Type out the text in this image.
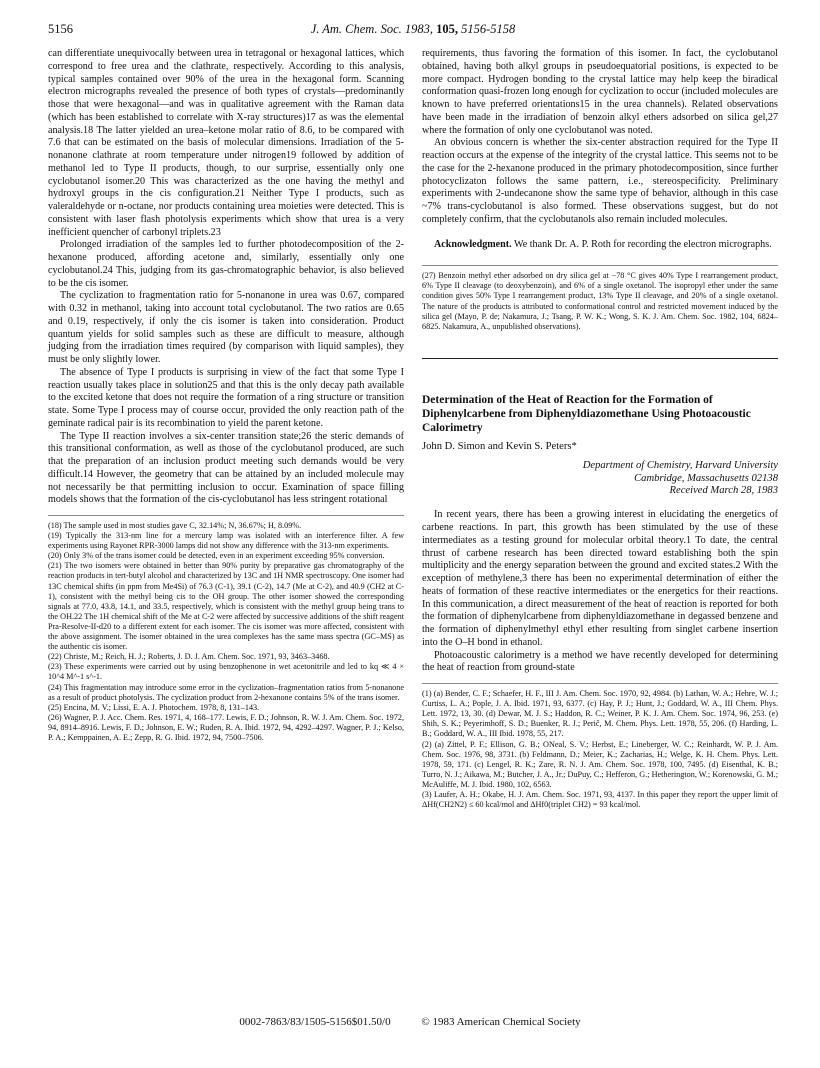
5156	J. Am. Chem. Soc. 1983, 105, 5156-5158

can differentiate unequivocally between urea in tetragonal or hexagonal lattices, which correspond to free urea and the clathrate, respectively. According to this analysis, typical samples contained over 90% of the urea in the hexagonal form. Scanning electron micrographs revealed the presence of both types of crystals—predominantly those that were hexagonal—and was in qualitative agreement with the Raman data (which has been established to correlate with X-ray structures)17 as was the elemental analysis.18 The latter yielded an urea–ketone molar ratio of 8.6, to be compared with 7.6 that can be estimated on the basis of molecular dimensions. Irradiation of the 5-nonanone clathrate at room temperature under nitrogen19 followed by addition of methanol led to Type II products, though, to our surprise, essentially only one cyclobutanol isomer.20 This was characterized as the one having the methyl and hydroxyl groups in the cis configuration.21 Neither Type I products, such as valeraldehyde or n-octane, nor products containing urea moieties were detected. This is consistent with laser flash photolysis experiments which show that urea is a very inefficient quencher of carbonyl triplets.23

Prolonged irradiation of the samples led to further photodecomposition of the 2-hexanone produced, affording acetone and, similarly, essentially only one cyclobutanol.24 This, judging from its gas-chromatographic behavior, is also believed to be the cis isomer.

The cyclization to fragmentation ratio for 5-nonanone in urea was 0.67, compared with 0.32 in methanol, taking into account total cyclobutanol. The two ratios are 0.65 and 0.19, respectively, if only the cis isomer is taken into consideration. Product quantum yields for solid samples such as these are difficult to measure, although judging from the irradiation times required (by comparison with liquid samples), they must be only slightly lower.

The absence of Type I products is surprising in view of the fact that some Type I reaction usually takes place in solution25 and that this is the only decay path available to the excited ketone that does not require the formation of a ring structure or transition state. Some Type I process may of course occur, provided the only reaction path of the geminate radical pair is its recombination to yield the parent ketone.

The Type II reaction involves a six-center transition state;26 the steric demands of this transitional conformation, as well as those of the cyclobutanol produced, are such that the preparation of an inclusion product meeting such demands would be very difficult.14 However, the geometry that can be attained by an included molecule may not necessarily be that permitting inclusion to occur. Examination of space filling models shows that the formation of the cis-cyclobutanol has less stringent rotational

(18) The sample used in most studies gave C, 32.14%; N, 36.67%; H, 8.09%.

(19) Typically the 313-nm line for a mercury lamp was isolated with an interference filter. A few experiments using Rayonet RPR-3000 lamps did not show any difference with the 313-nm experiments.

(20) Only 3% of the trans isomer could be detected, even in an experiment exceeding 95% conversion.

(21) The two isomers were obtained in better than 90% purity by preparative gas chromatography of the reaction products in tert-butyl alcohol and characterized by 13C and 1H NMR spectroscopy. One isomer had 13C chemical shifts (in ppm from Me4Si) of 76.3 (C-1), 39.1 (C-2), 14.7 (Me at C-2), and 40.9 (CH2 at C-1), consistent with the methyl being cis to the OH group. The other isomer showed the corresponding signals at 77.0, 43.8, 14.1, and 33.5, respectively, which is consistent with the methyl group being trans to the OH.22 The 1H chemical shift of the Me at C-2 were affected by successive additions of the shift reagent Pra-Resolve-II-d20 to a different extent for each isomer. The cis isomer was more affected, consistent with the above assignment. The isomer obtained in the urea complexes has the same mass spectra (GC–MS) as the authentic cis isomer.

(22) Christe, M.; Reich, H. J.; Roberts, J. D. J. Am. Chem. Soc. 1971, 93, 3463–3468.

(23) These experiments were carried out by using benzophenone in wet acetonitrile and led to kq ≪ 4 × 10^4 M^-1 s^-1.

(24) This fragmentation may introduce some error in the cyclization–fragmentation ratios from 5-nonanone as a result of product photolysis. The cyclization product from 2-hexanone contains 5% of the trans isomer.

(25) Encina, M. V.; Lissi, E. A. J. Photochem. 1978, 8, 131–143.

(26) Wagner, P. J. Acc. Chem. Res. 1971, 4, 168–177. Lewis, F. D.; Johnson, R. W. J. Am. Chem. Soc. 1972, 94, 8914–8916. Lewis, F. D.; Johnson, E. W.; Ruden, R. A. Ibid. 1972, 94, 4292–4297. Wagner, P. J.; Kelso, P. A.; Kemppainen, A. E.; Zepp, R. G. Ibid. 1972, 94, 7500–7506.

requirements, thus favoring the formation of this isomer. In fact, the cyclobutanol obtained, having both alkyl groups in pseudoequatorial positions, is expected to be more compact. Hydrogen bonding to the crystal lattice may help keep the biradical conformation quasi-frozen long enough for cyclization to occur (included molecules are known to have preferred orientations15 in the urea channels). Related observations have been made in the irradiation of benzoin alkyl ethers adsorbed on silica gel,27 where the formation of only one cyclobutanol was noted.

An obvious concern is whether the six-center abstraction required for the Type II reaction occurs at the expense of the integrity of the crystal lattice. This seems not to be the case for the 2-hexanone produced in the primary photodecomposition, since further photocyclizaton follows the same pattern, i.e., stereospecificity. Preliminary experiments with 2-undecanone show the same type of behavior, although in this case ~7% trans-cyclobutanol is also formed. These observations suggest, but do not completely confirm, that the cyclobutanols also remain included molecules.

Acknowledgment. We thank Dr. A. P. Roth for recording the electron micrographs.

(27) Benzoin methyl ether adsorbed on dry silica gel at −78 °C gives 40% Type I rearrangement product, 6% Type II cleavage (to deoxybenzoin), and 6% of a single oxetanol. The isopropyl ether under the same condition gives 50% Type I rearrangement product, 13% Type II cleavage, and 20% of a single oxetanol. The nature of the products is attributed to conformational control and restricted movement induced by the silica gel (Mayo, P. de; Nakamura, J.; Tsang, P. W. K.; Wong, S. K. J. Am. Chem. Soc. 1982, 104, 6824–6825. Nakamura, A., unpublished observations).

Determination of the Heat of Reaction for the Formation of Diphenylcarbene from Diphenyldiazomethane Using Photoacoustic Calorimetry
John D. Simon and Kevin S. Peters*
Department of Chemistry, Harvard University
Cambridge, Massachusetts 02138
Received March 28, 1983

In recent years, there has been a growing interest in elucidating the energetics of carbene reactions. In part, this growth has been stimulated by the use of these intermediates as a testing ground for molecular orbital theory.1 To date, the central thrust of carbene research has been directed toward establishing both the spin multiplicity and the energy separation between the ground and excited states.2 With the exception of methylene,3 there has been no experimental determination of either the heats of formation of these reactive intermediates or the energetics for their reactions. In this communication, a direct measurement of the heat of reaction is reported for both the formation of diphenylcarbene from diphenyldiazomethane in degassed benzene and the formation of diphenylmethyl ethyl ether resulting from singlet carbene insertion into the O–H bond in ethanol.

Photoacoustic calorimetry is a method we have recently developed for determining the heat of reaction from ground-state

(1) (a) Bender, C. F.; Schaefer, H. F., III J. Am. Chem. Soc. 1970, 92, 4984. (b) Lathan, W. A.; Hehre, W. J.; Curtiss, L. A.; Pople, J. A. Ibid. 1971, 93, 6377. (c) Hay, P. J.; Hunt, J.; Goddard, W. A., III Chem. Phys. Lett. 1972, 13, 30. (d) Dewar, M. J. S.; Haddon, R. C.; Weiner, P. K. J. Am. Chem. Soc. 1974, 96, 253. (e) Shih, S. K.; Peyerimhoff, S. D.; Buenker, R. J.; Perič, M. Chem. Phys. Lett. 1978, 55, 206. (f) Harding, L. B.; Goddard, W. A., III Ibid. 1978, 55, 217.

(2) (a) Zittel, P. F.; Ellison, G. B.; ONeal, S. V.; Herbst, E.; Lineberger, W. C.; Reinhardt, W. P. J. Am. Chem. Soc. 1976, 98, 3731. (b) Feldmann, D.; Meier, K.; Zacharias, H.; Welge, K. H. Chem. Phys. Lett. 1978, 59, 171. (c) Lengel, R. K.; Zare, R. N. J. Am. Chem. Soc. 1978, 100, 7495. (d) Eisenthal, K. B.; Turro, N. J.; Aikawa, M.; Butcher, J. A., Jr.; DuPuy, C.; Hefferon, G.; Hetherington, W.; Korenowski, G. M.; McAuliffe, M. J. Ibid. 1980, 102, 6563.

(3) Laufer, A. H.; Okabe, H. J. Am. Chem. Soc. 1971, 93, 4137. In this paper they report the upper limit of ΔHf(CH2N2) ≤ 60 kcal/mol and ΔHf0(triplet CH2) = 93 kcal/mol.

0002-7863/83/1505-5156$01.50/0	© 1983 American Chemical Society
